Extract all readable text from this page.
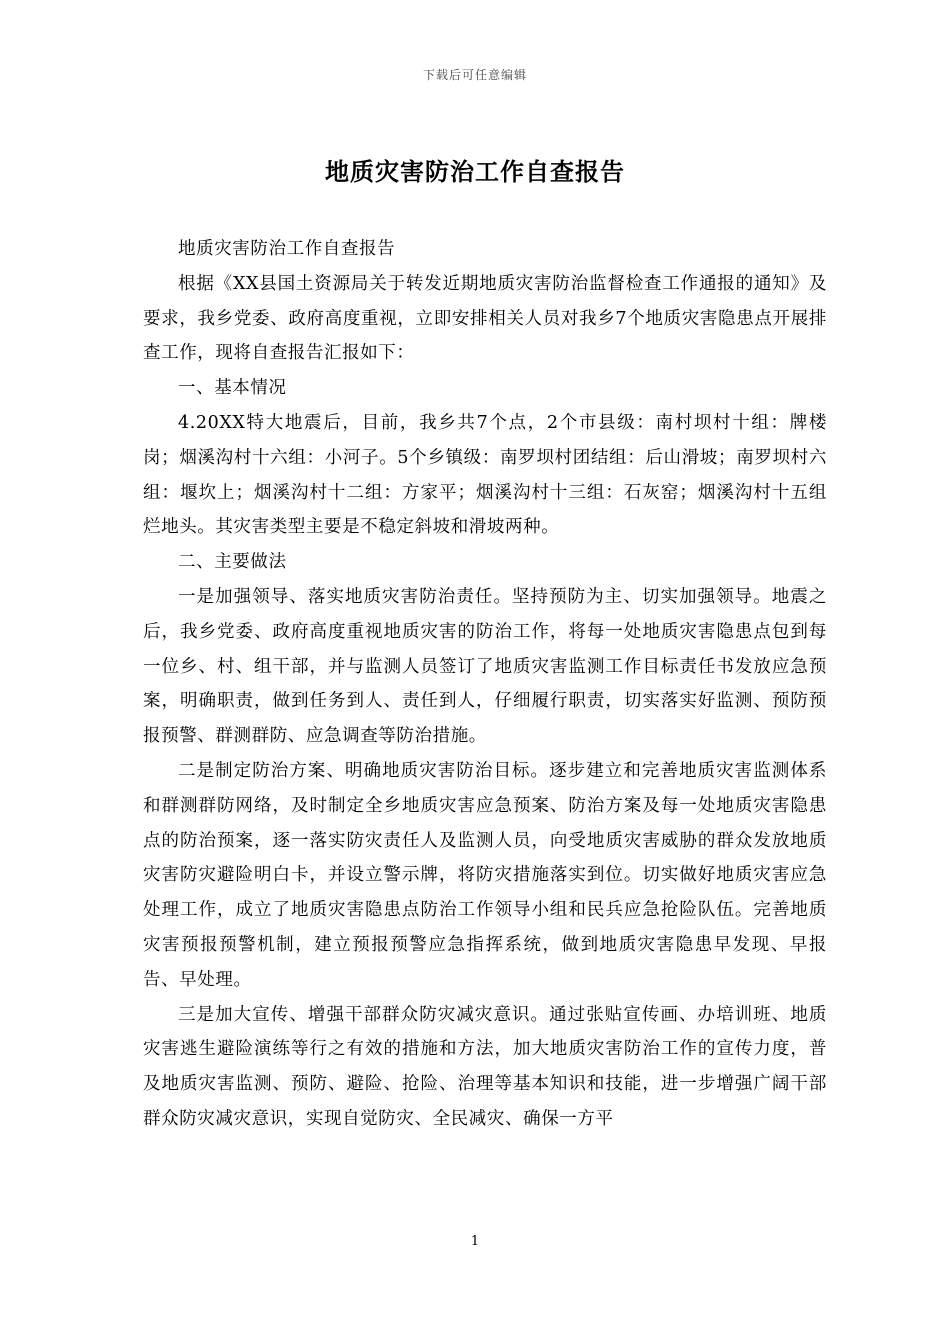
下载后可任意编辑
地质灾害防治工作自查报告

地质灾害防治工作自查报告

根据《XX县国土资源局关于转发近期地质灾害防治监督检查工作通报的通知》及要求，我乡党委、政府高度重视，立即安排相关人员对我乡7个地质灾害隐患点开展排查工作，现将自查报告汇报如下：

一、基本情况

4.20XX特大地震后，目前，我乡共7个点，2个市县级：南村坝村十组：牌楼岗；烟溪沟村十六组：小河子。5个乡镇级：南罗坝村团结组：后山滑坡；南罗坝村六组：堰坎上；烟溪沟村十二组：方家平；烟溪沟村十三组：石灰窑；烟溪沟村十五组烂地头。其灾害类型主要是不稳定斜坡和滑坡两种。

二、主要做法

一是加强领导、落实地质灾害防治责任。坚持预防为主、切实加强领导。地震之后，我乡党委、政府高度重视地质灾害的防治工作，将每一处地质灾害隐患点包到每一位乡、村、组干部，并与监测人员签订了地质灾害监测工作目标责任书发放应急预案，明确职责，做到任务到人、责任到人，仔细履行职责，切实落实好监测、预防预报预警、群测群防、应急调查等防治措施。

二是制定防治方案、明确地质灾害防治目标。逐步建立和完善地质灾害监测体系和群测群防网络，及时制定全乡地质灾害应急预案、防治方案及每一处地质灾害隐患点的防治预案，逐一落实防灾责任人及监测人员，向受地质灾害威胁的群众发放地质灾害防灾避险明白卡，并设立警示牌，将防灾措施落实到位。切实做好地质灾害应急处理工作，成立了地质灾害隐患点防治工作领导小组和民兵应急抢险队伍。完善地质灾害预报预警机制，建立预报预警应急指挥系统，做到地质灾害隐患早发现、早报告、早处理。

三是加大宣传、增强干部群众防灾减灾意识。通过张贴宣传画、办培训班、地质灾害逃生避险演练等行之有效的措施和方法，加大地质灾害防治工作的宣传力度，普及地质灾害监测、预防、避险、抢险、治理等基本知识和技能，进一步增强广阔干部群众防灾减灾意识，实现自觉防灾、全民减灾、确保一方平

1
